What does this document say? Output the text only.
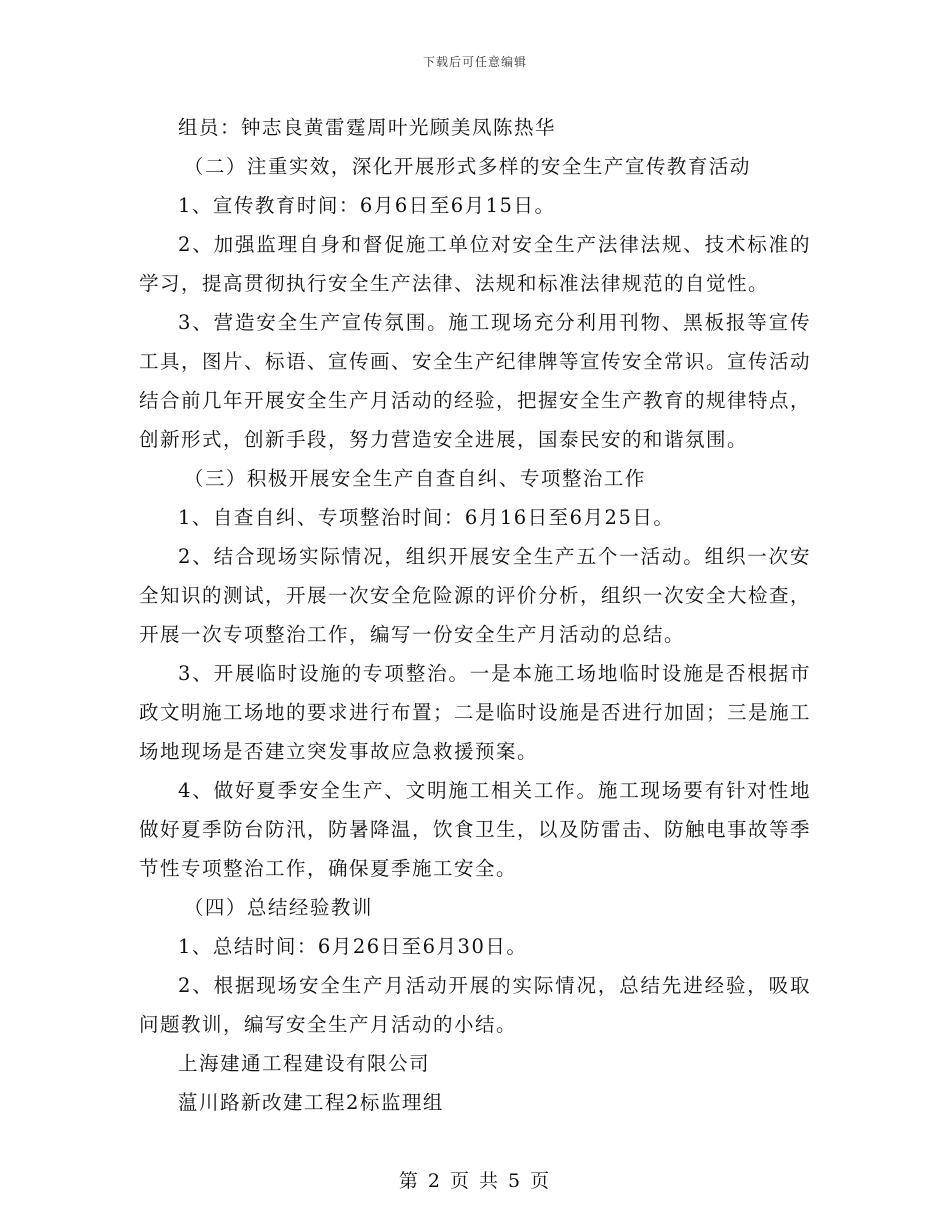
下载后可任意编辑

组员：钟志良黄雷霆周叶光顾美凤陈热华

（二）注重实效，深化开展形式多样的安全生产宣传教育活动

1、宣传教育时间：6月6日至6月15日。

2、加强监理自身和督促施工单位对安全生产法律法规、技术标准的学习，提高贯彻执行安全生产法律、法规和标准法律规范的自觉性。

3、营造安全生产宣传氛围。施工现场充分利用刊物、黑板报等宣传工具，图片、标语、宣传画、安全生产纪律牌等宣传安全常识。宣传活动结合前几年开展安全生产月活动的经验，把握安全生产教育的规律特点，创新形式，创新手段，努力营造安全进展，国泰民安的和谐氛围。

（三）积极开展安全生产自查自纠、专项整治工作

1、自查自纠、专项整治时间：6月16日至6月25日。

2、结合现场实际情况，组织开展安全生产五个一活动。组织一次安全知识的测试，开展一次安全危险源的评价分析，组织一次安全大检查，开展一次专项整治工作，编写一份安全生产月活动的总结。

3、开展临时设施的专项整治。一是本施工场地临时设施是否根据市政文明施工场地的要求进行布置；二是临时设施是否进行加固；三是施工场地现场是否建立突发事故应急救援预案。

4、做好夏季安全生产、文明施工相关工作。施工现场要有针对性地做好夏季防台防汛，防暑降温，饮食卫生，以及防雷击、防触电事故等季节性专项整治工作，确保夏季施工安全。

（四）总结经验教训

1、总结时间：6月26日至6月30日。

2、根据现场安全生产月活动开展的实际情况，总结先进经验，吸取问题教训，编写安全生产月活动的小结。

上海建通工程建设有限公司

蕰川路新改建工程2标监理组

第 2 页 共 5 页
